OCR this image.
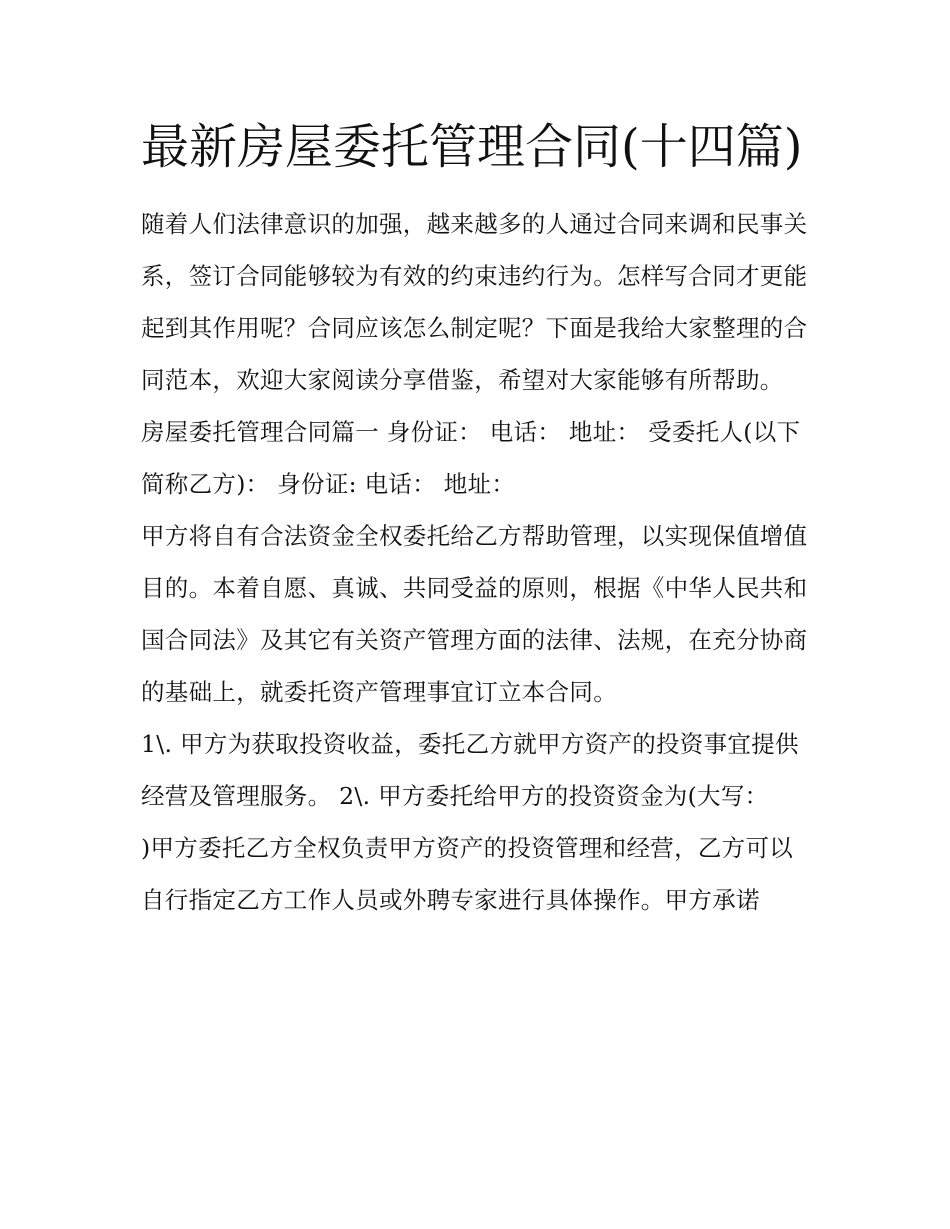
最新房屋委托管理合同(十四篇)

随着人们法律意识的加强，越来越多的人通过合同来调和民事关系，签订合同能够较为有效的约束违约行为。怎样写合同才更能起到其作用呢？合同应该怎么制定呢？下面是我给大家整理的合同范本，欢迎大家阅读分享借鉴，希望对大家能够有所帮助。

房屋委托管理合同篇一 身份证： 电话： 地址： 受委托人(以下简称乙方)： 身份证: 电话： 地址：

甲方将自有合法资金全权委托给乙方帮助管理，以实现保值增值目的。本着自愿、真诚、共同受益的原则，根据《中华人民共和国合同法》及其它有关资产管理方面的法律、法规，在充分协商的基础上，就委托资产管理事宜订立本合同。

1\. 甲方为获取投资收益，委托乙方就甲方资产的投资事宜提供经营及管理服务。 2\. 甲方委托给甲方的投资资金为(大写：

)甲方委托乙方全权负责甲方资产的投资管理和经营，乙方可以自行指定乙方工作人员或外聘专家进行具体操作。甲方承诺
